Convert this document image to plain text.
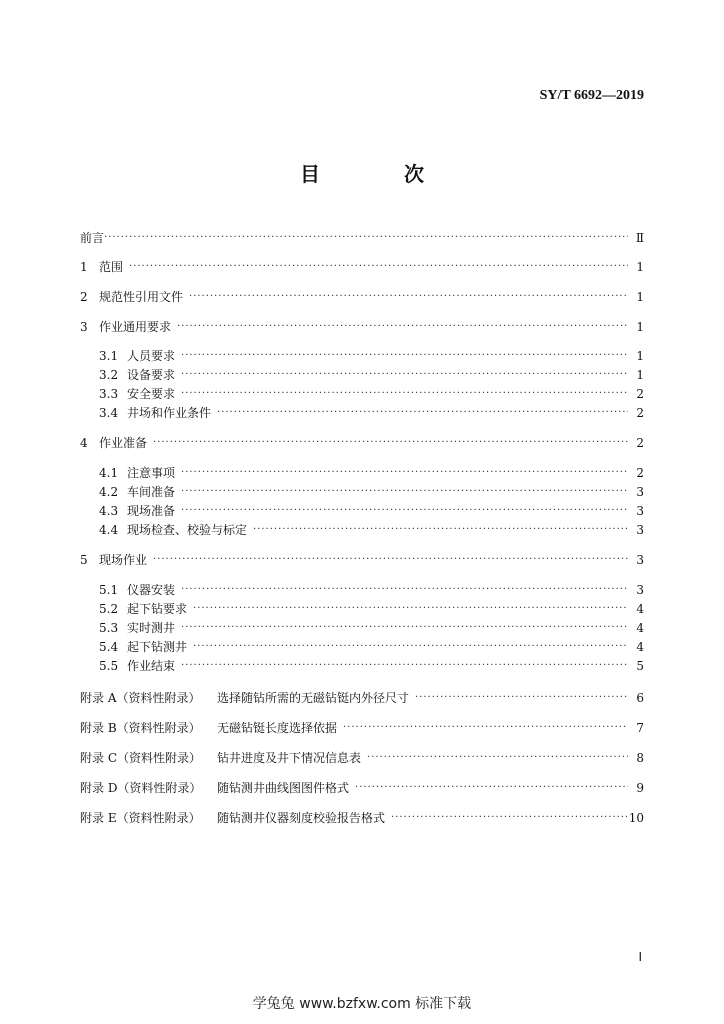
SY/T 6692—2019
目　次
前言 ·····	Ⅱ
1 范围 ·····	1
2 规范性引用文件 ·····	1
3 作业通用要求 ·····	1
3.1 人员要求 ·····	1
3.2 设备要求 ·····	1
3.3 安全要求 ·····	2
3.4 井场和作业条件 ·····	2
4 作业准备 ·····	2
4.1 注意事项 ·····	2
4.2 车间准备 ·····	3
4.3 现场准备 ·····	3
4.4 现场检查、校验与标定 ·····	3
5 现场作业 ·····	3
5.1 仪器安装 ·····	3
5.2 起下钻要求 ·····	4
5.3 实时测井 ·····	4
5.4 起下钻测井 ·····	4
5.5 作业结束 ·····	5
附录 A（资料性附录）	选择随钻所需的无磁钻铤内外径尺寸 ·····	6
附录 B（资料性附录）	无磁钻铤长度选择依据 ·····	7
附录 C（资料性附录）	钻井进度及井下情况信息表 ·····	8
附录 D（资料性附录）	随钻测井曲线图图件格式 ·····	9
附录 E（资料性附录）	随钻测井仪器刻度校验报告格式 ·····	10
Ⅰ
学兔兔 www.bzfxw.com 标准下载
